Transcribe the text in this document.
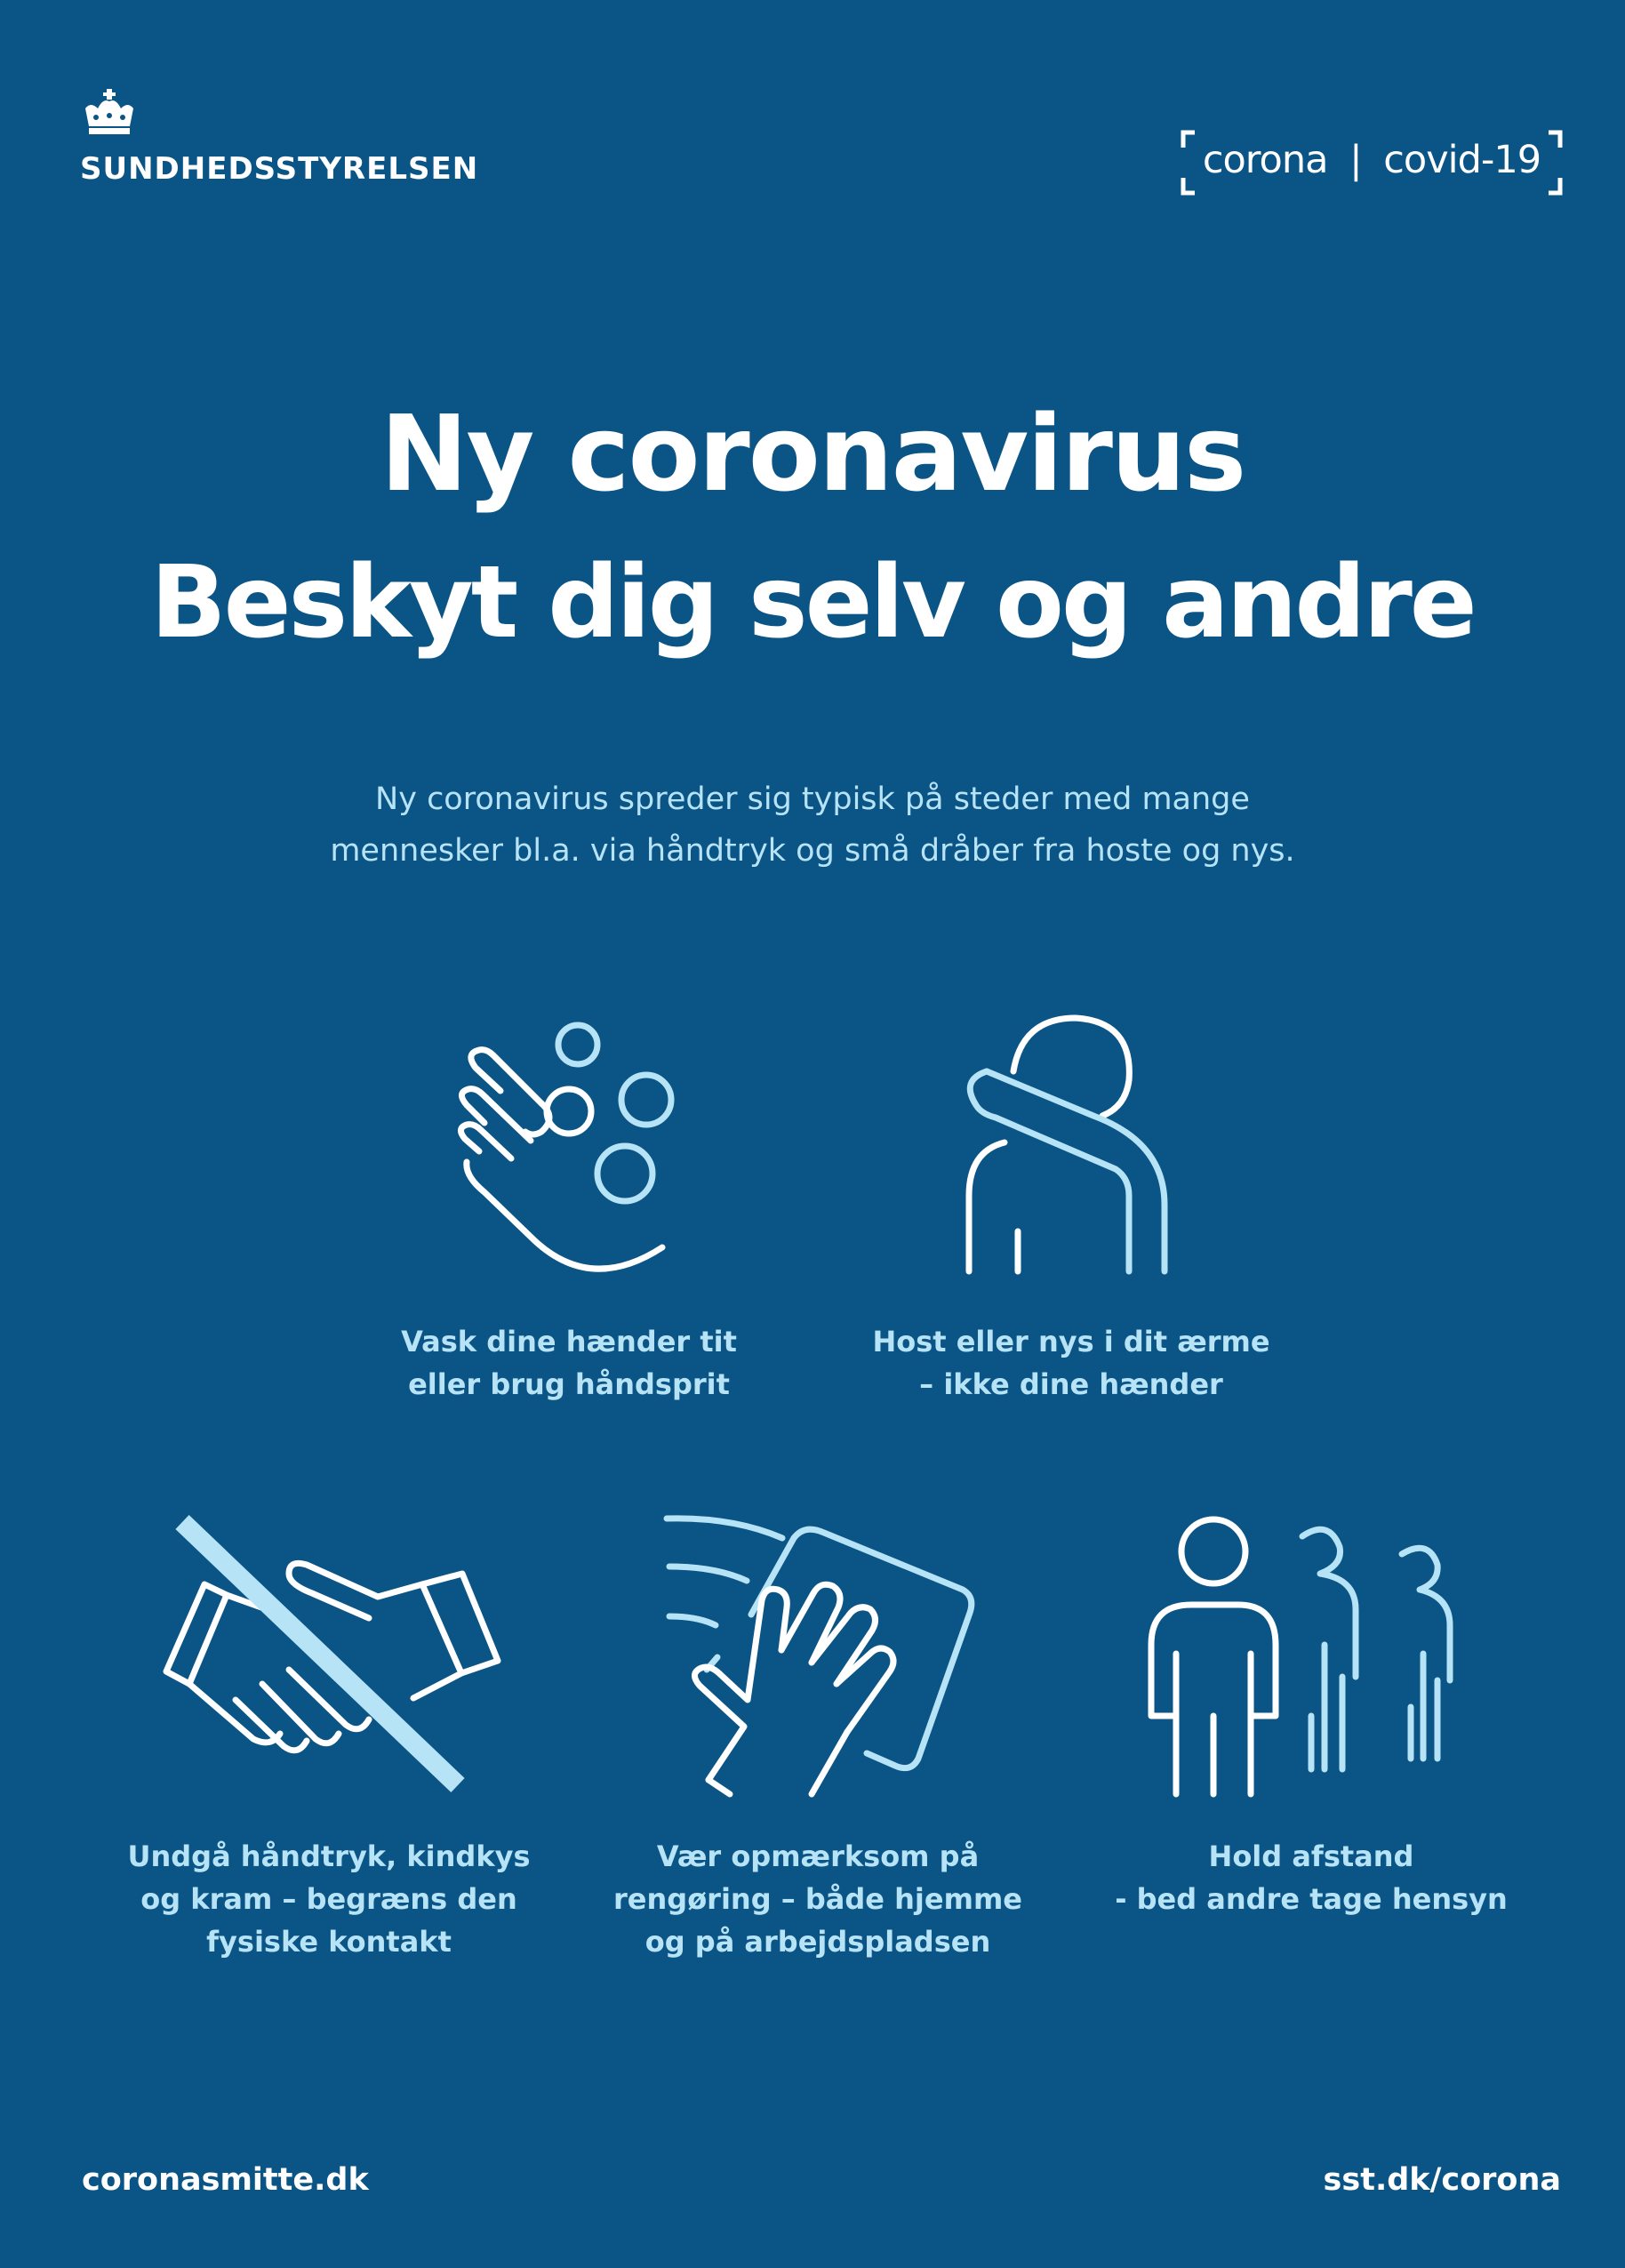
SUNDHEDSSTYRELSEN	corona | covid-19
Ny coronavirus
Beskyt dig selv og andre
Ny coronavirus spreder sig typisk på steder med mange
mennesker bl.a. via håndtryk og små dråber fra hoste og nys.
Vask dine hænder tit
eller brug håndsprit
Host eller nys i dit ærme
– ikke dine hænder
Undgå håndtryk, kindkys
og kram – begræns den
fysiske kontakt
Vær opmærksom på
rengøring – både hjemme
og på arbejdspladsen
Hold afstand
- bed andre tage hensyn
coronasmitte.dk	sst.dk/corona
